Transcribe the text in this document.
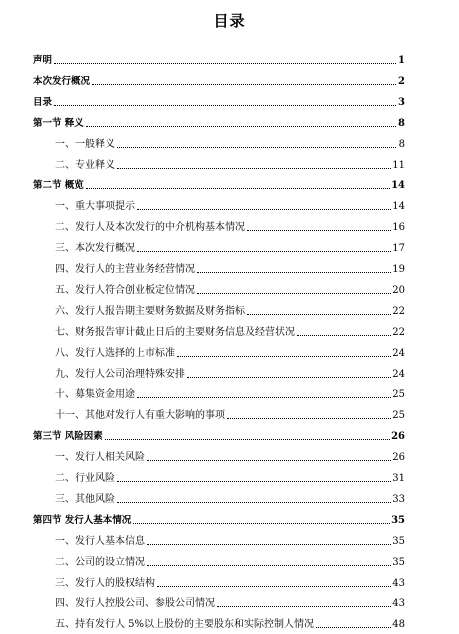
目录
声明	1
本次发行概况	2
目录	3
第一节 释义	8
一、一般释义	8
二、专业释义	11
第二节 概览	14
一、重大事项提示	14
二、发行人及本次发行的中介机构基本情况	16
三、本次发行概况	17
四、发行人的主营业务经营情况	19
五、发行人符合创业板定位情况	20
六、发行人报告期主要财务数据及财务指标	22
七、财务报告审计截止日后的主要财务信息及经营状况	22
八、发行人选择的上市标准	24
九、发行人公司治理特殊安排	24
十、募集资金用途	25
十一、其他对发行人有重大影响的事项	25
第三节 风险因素	26
一、发行人相关风险	26
二、行业风险	31
三、其他风险	33
第四节 发行人基本情况	35
一、发行人基本信息	35
二、公司的设立情况	35
三、发行人的股权结构	43
四、发行人控股公司、参股公司情况	43
五、持有发行人 5%以上股份的主要股东和实际控制人情况	48
